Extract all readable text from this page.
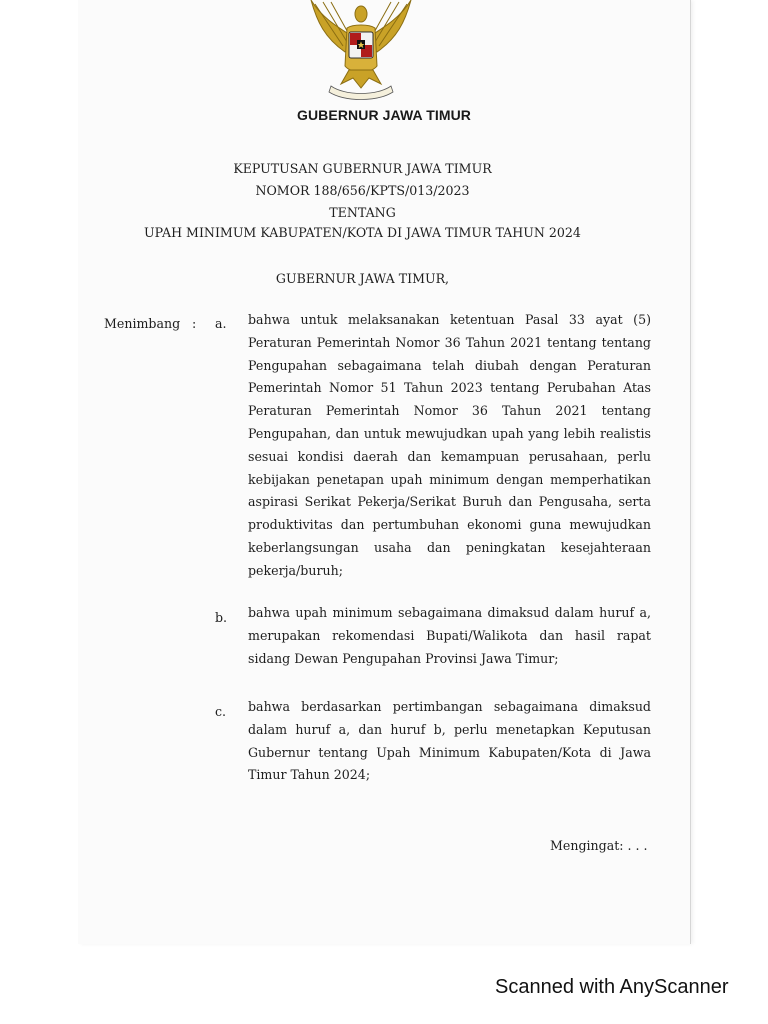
GUBERNUR JAWA TIMUR
KEPUTUSAN GUBERNUR JAWA TIMUR
NOMOR 188/656/KPTS/013/2023
TENTANG
UPAH MINIMUM KABUPATEN/KOTA DI JAWA TIMUR TAHUN 2024
GUBERNUR JAWA TIMUR,
Menimbang : a. bahwa untuk melaksanakan ketentuan Pasal 33 ayat (5) Peraturan Pemerintah Nomor 36 Tahun 2021 tentang tentang Pengupahan sebagaimana telah diubah dengan Peraturan Pemerintah Nomor 51 Tahun 2023 tentang Perubahan Atas Peraturan Pemerintah Nomor 36 Tahun 2021 tentang Pengupahan, dan untuk mewujudkan upah yang lebih realistis sesuai kondisi daerah dan kemampuan perusahaan, perlu kebijakan penetapan upah minimum dengan memperhatikan aspirasi Serikat Pekerja/Serikat Buruh dan Pengusaha, serta produktivitas dan pertumbuhan ekonomi guna mewujudkan keberlangsungan usaha dan peningkatan kesejahteraan pekerja/buruh;
b. bahwa upah minimum sebagaimana dimaksud dalam huruf a, merupakan rekomendasi Bupati/Walikota dan hasil rapat sidang Dewan Pengupahan Provinsi Jawa Timur;
c. bahwa berdasarkan pertimbangan sebagaimana dimaksud dalam huruf a, dan huruf b, perlu menetapkan Keputusan Gubernur tentang Upah Minimum Kabupaten/Kota di Jawa Timur Tahun 2024;
Mengingat: . . .
Scanned with AnyScanner
